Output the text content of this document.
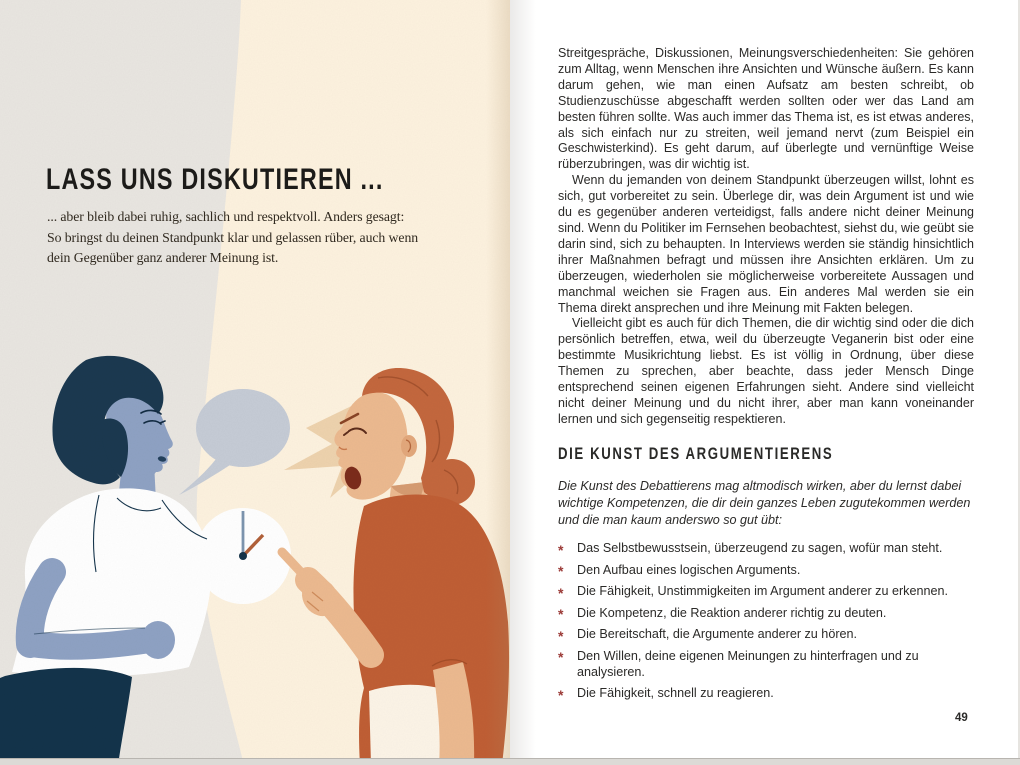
LASS UNS DISKUTIEREN ...
... aber bleib dabei ruhig, sachlich und respektvoll. Anders gesagt:
So bringst du deinen Standpunkt klar und gelassen rüber, auch wenn
dein Gegenüber ganz anderer Meinung ist.

Streitgespräche, Diskussionen, Meinungsverschiedenheiten: Sie gehören zum Alltag, wenn Menschen ihre Ansichten und Wünsche äußern. Es kann darum gehen, wie man einen Aufsatz am besten schreibt, ob Studienzuschüsse abgeschafft werden sollten oder wer das Land am besten führen sollte. Was auch immer das Thema ist, es ist etwas anderes, als sich einfach nur zu streiten, weil jemand nervt (zum Beispiel ein Geschwisterkind). Es geht darum, auf überlegte und vernünftige Weise rüberzubringen, was dir wichtig ist.

Wenn du jemanden von deinem Standpunkt überzeugen willst, lohnt es sich, gut vorbereitet zu sein. Überlege dir, was dein Argument ist und wie du es gegenüber anderen verteidigst, falls andere nicht deiner Meinung sind. Wenn du Politiker im Fernsehen beobachtest, siehst du, wie geübt sie darin sind, sich zu behaupten. In Interviews werden sie ständig hinsichtlich ihrer Maßnahmen befragt und müssen ihre Ansichten erklären. Um zu überzeugen, wiederholen sie möglicherweise vorbereitete Aussagen und manchmal weichen sie Fragen aus. Ein anderes Mal werden sie ein Thema direkt ansprechen und ihre Meinung mit Fakten belegen.

Vielleicht gibt es auch für dich Themen, die dir wichtig sind oder die dich persönlich betreffen, etwa, weil du überzeugte Veganerin bist oder eine bestimmte Musikrichtung liebst. Es ist völlig in Ordnung, über diese Themen zu sprechen, aber beachte, dass jeder Mensch Dinge entsprechend seinen eigenen Erfahrungen sieht. Andere sind vielleicht nicht deiner Meinung und du nicht ihrer, aber man kann voneinander lernen und sich gegenseitig respektieren.

DIE KUNST DES ARGUMENTIERENS

Die Kunst des Debattierens mag altmodisch wirken, aber du lernst dabei wichtige Kompetenzen, die dir dein ganzes Leben zugutekommen werden und die man kaum anderswo so gut übt:

* Das Selbstbewusstsein, überzeugend zu sagen, wofür man steht.
* Den Aufbau eines logischen Arguments.
* Die Fähigkeit, Unstimmigkeiten im Argument anderer zu erkennen.
* Die Kompetenz, die Reaktion anderer richtig zu deuten.
* Die Bereitschaft, die Argumente anderer zu hören.
* Den Willen, deine eigenen Meinungen zu hinterfragen und zu analysieren.
* Die Fähigkeit, schnell zu reagieren.
49
